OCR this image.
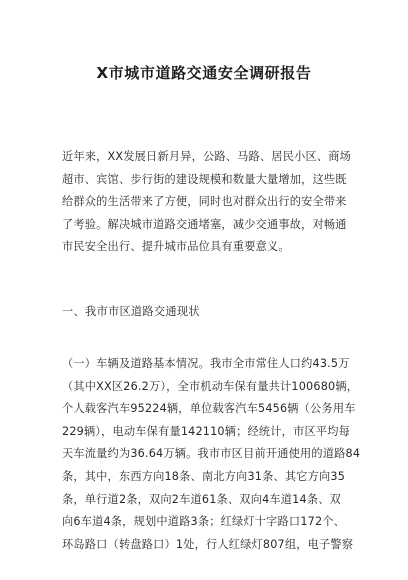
X市城市道路交通安全调研报告
近年来，XX发展日新月异，公路、马路、居民小区、商场
超市、宾馆、步行街的建设规模和数量大量增加，这些既
给群众的生活带来了方便，同时也对群众出行的安全带来
了考验。解决城市道路交通堵塞，减少交通事故，对畅通
市民安全出行、提升城市品位具有重要意义。
一、我市市区道路交通现状
（一）车辆及道路基本情况。我市全市常住人口约43.5万
（其中XX区26.2万），全市机动车保有量共计100680辆，
个人载客汽车95224辆，单位载客汽车5456辆（公务用车
229辆），电动车保有量142110辆；经统计，市区平均每
天车流量约为36.64万辆。我市市区目前开通使用的道路84
条，其中，东西方向18条、南北方向31条、其它方向35
条，单行道2条，双向2车道61条、双向4车道14条、双
向6车道4条，规划中道路3条；红绿灯十字路口172个、
环岛路口（转盘路口）1处，行人红绿灯807组，电子警察
